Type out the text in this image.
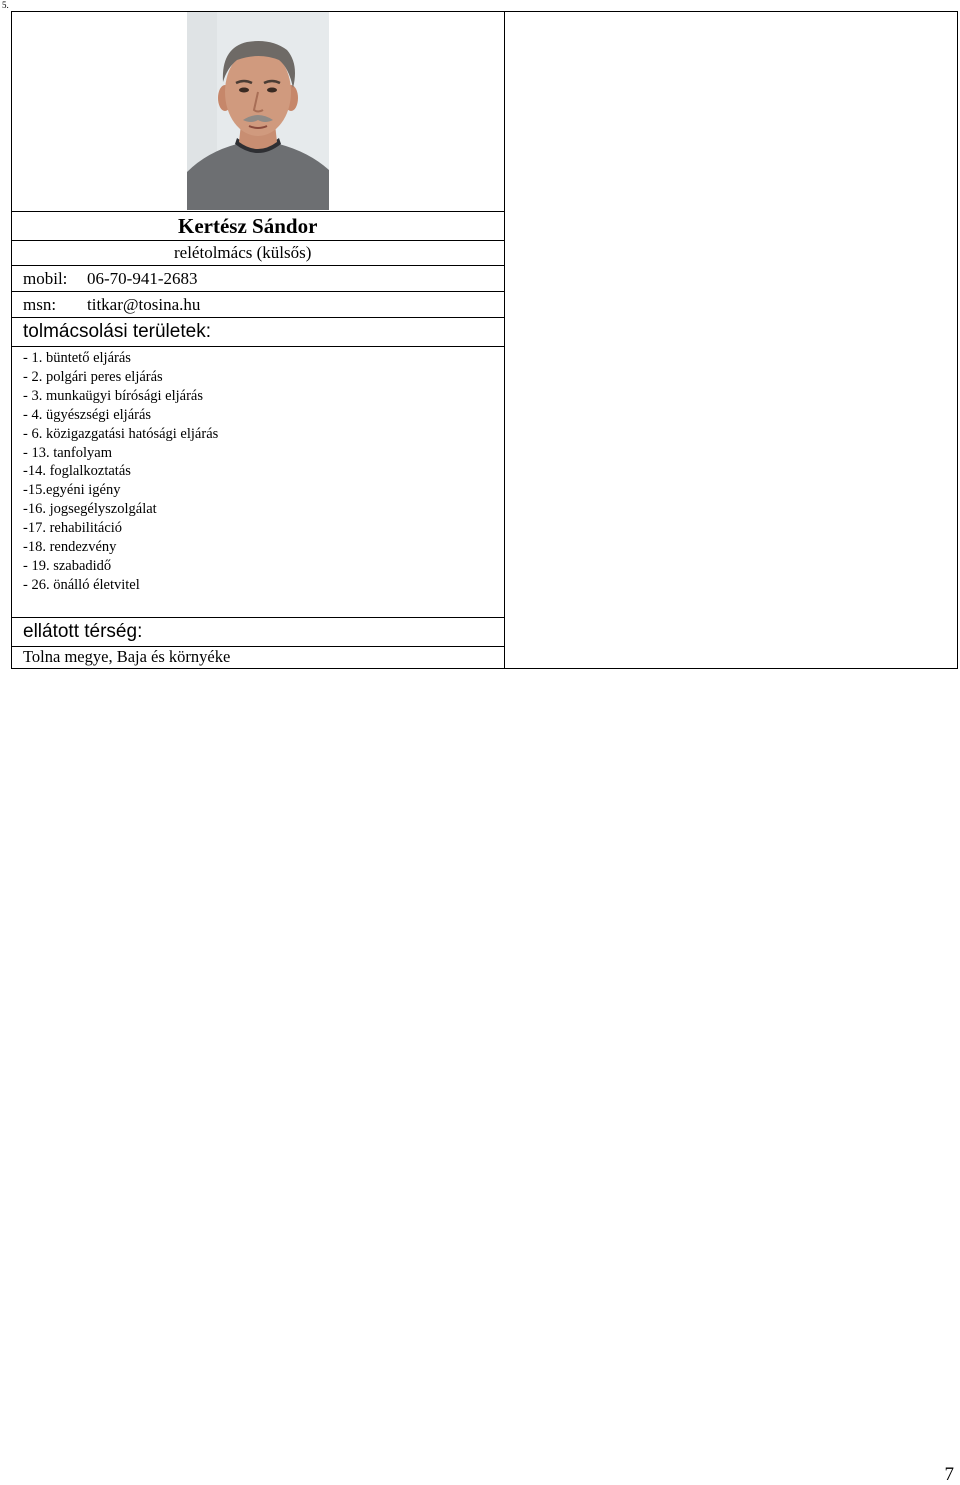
5.

Kertész Sándor

relétolmács (külsős)

mobil: 06-70-941-2683

msn: titkar@tosina.hu

tolmácsolási területek:

- 1. büntető eljárás
- 2. polgári peres eljárás
- 3. munkaügyi bírósági eljárás
- 4. ügyészségi eljárás
- 6. közigazgatási hatósági eljárás
- 13. tanfolyam
-14. foglalkoztatás
-15.egyéni igény
-16. jogsegélyszolgálat
-17. rehabilitáció
-18. rendezvény
- 19. szabadidő
- 26. önálló életvitel

ellátott térség:

Tolna megye, Baja és környéke
7
